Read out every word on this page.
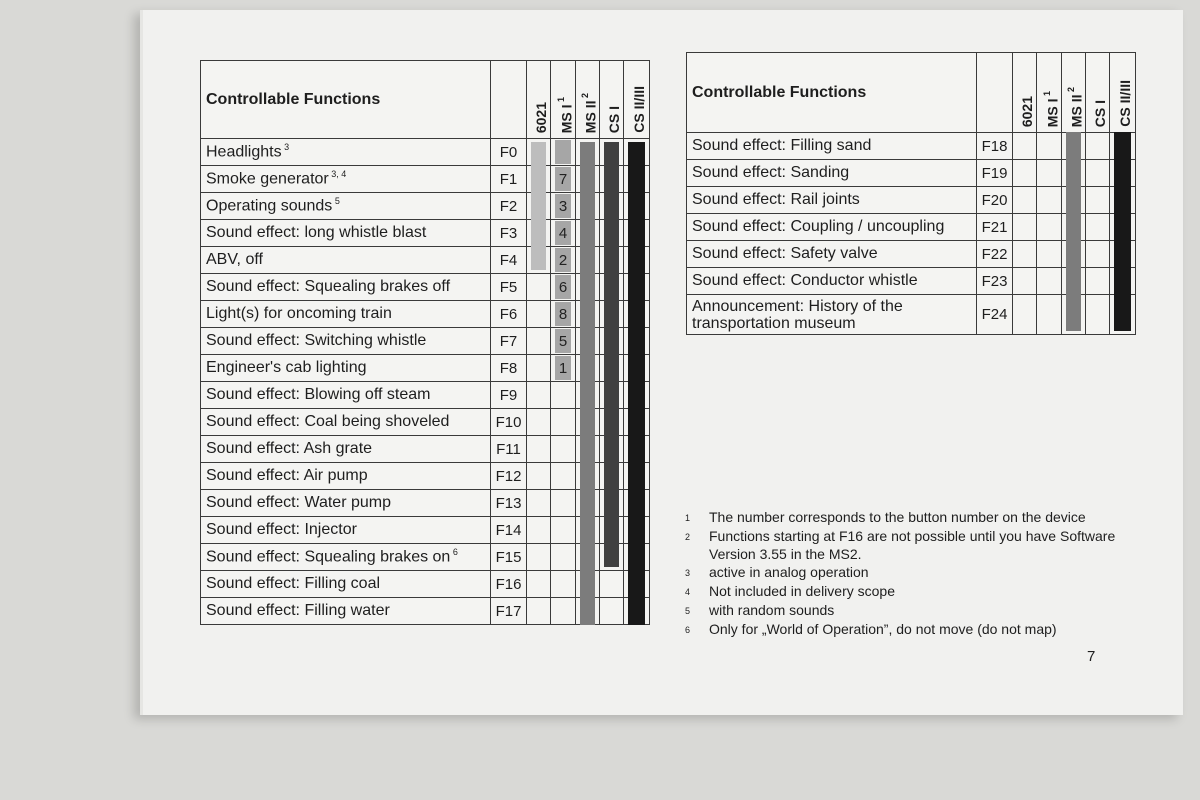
Controllable Functions		6021	MS I $^1$	MS II $^2$	CS I	CS II/III
Headlights $^3$	F0	

Smoke generator $^{3, 4}$	F1		7			

Operating sounds $^5$	F2		3			

Sound effect: long whistle blast	F3		4			

ABV, off	F4		2			

Sound effect: Squealing brakes off	F5		6			

Light(s) for oncoming train	F6		8			

Sound effect: Switching whistle	F7		5			

Engineer's cab lighting	F8		1			

Sound effect: Blowing off steam	F9			

Sound effect: Coal being shoveled	F10			

Sound effect: Ash grate	F11			

Sound effect: Air pump	F12			

Sound effect: Water pump	F13			

Sound effect: Injector	F14			

Sound effect: Squealing brakes on $^6$	F15			

Sound effect: Filling coal	F16			

Sound effect: Filling water	F17			

Controllable Functions		6021	MS I $^1$	MS II $^2$	CS I	CS II/III
Sound effect: Filling sand	F18			

Sound effect: Sanding	F19			

Sound effect: Rail joints	F20			

Sound effect: Coupling / uncoupling	F21			

Sound effect: Safety valve	F22			

Sound effect: Conductor whistle	F23			

Announcement: History of the transportation museum	F24			

1	The number corresponds to the button number on the device
2	Functions starting at F16 are not possible until you have Software Version 3.55 in the MS2.
3	active in analog operation
4	Not included in delivery scope
5	with random sounds
6	Only for „World of Operation”, do not move (do not map)
7
